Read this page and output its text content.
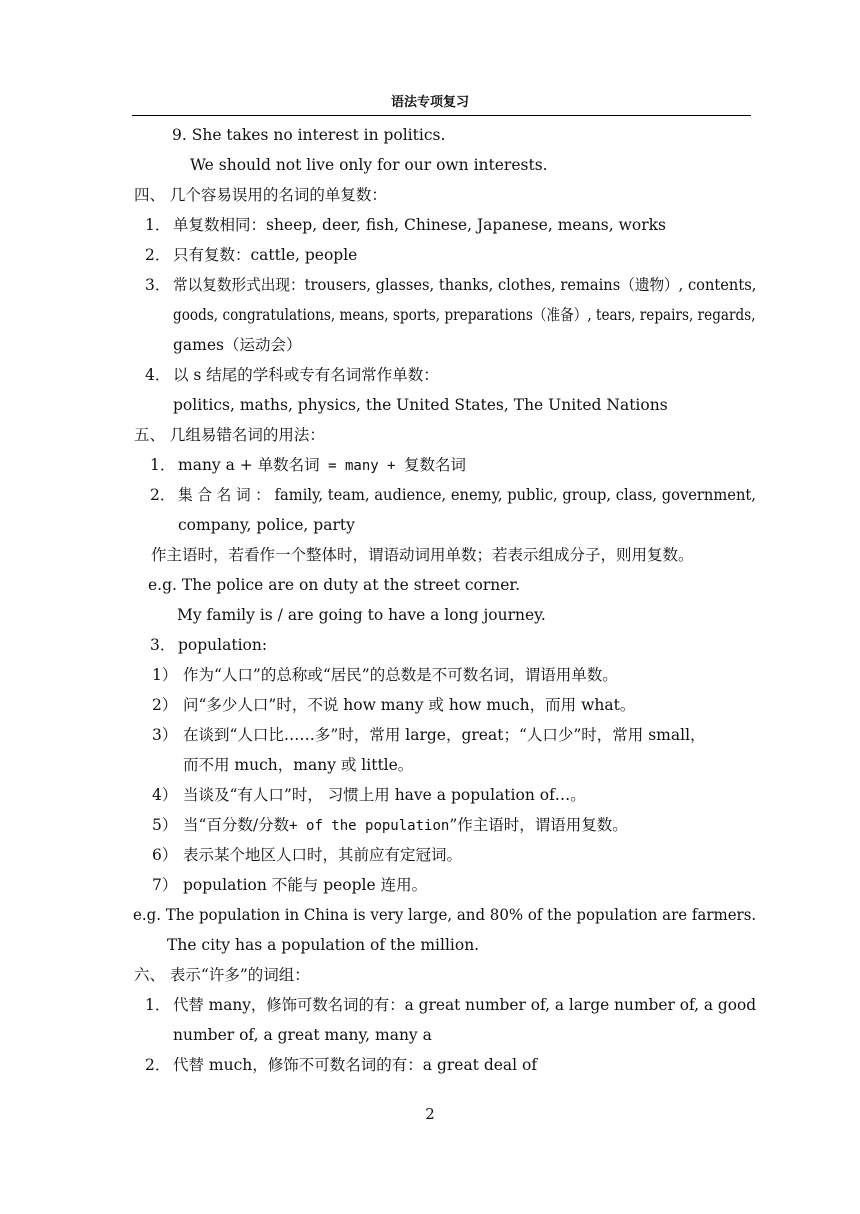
语法专项复习
9. She takes no interest in politics.
We should not live only for our own interests.
四、 几个容易误用的名词的单复数：
1． 单复数相同：sheep, deer, fish, Chinese, Japanese, means, works
2． 只有复数：cattle, people
3． 常以复数形式出现：trousers, glasses, thanks, clothes, remains（遗物）, contents,
goods, congratulations, means, sports, preparations（准备）, tears, repairs, regards,
games（运动会）
4． 以 s 结尾的学科或专有名词常作单数：
politics, maths, physics, the United States, The United Nations
五、 几组易错名词的用法：
1． many a + 单数名词 = many + 复数名词
2． 集 合 名 词 ： family, team, audience, enemy, public, group, class, government,
company, police, party
作主语时，若看作一个整体时，谓语动词用单数；若表示组成分子，则用复数。
e.g. The police are on duty at the street corner.
My family is / are going to have a long journey.
3． population:
1） 作为“人口”的总称或“居民”的总数是不可数名词，谓语用单数。
2） 问“多少人口”时，不说 how many 或 how much，而用 what。
3） 在谈到“人口比……多”时，常用 large，great；“人口少”时，常用 small，
而不用 much，many 或 little。
4） 当谈及“有人口”时， 习惯上用 have a population of…。
5） 当“百分数/分数+ of the population”作主语时，谓语用复数。
6） 表示某个地区人口时，其前应有定冠词。
7） population 不能与 people 连用。
e.g. The population in China is very large, and 80% of the population are farmers.
The city has a population of the million.
六、 表示“许多”的词组：
1． 代替 many，修饰可数名词的有：a great number of, a large number of, a good
number of, a great many, many a
2． 代替 much，修饰不可数名词的有：a great deal of
2
